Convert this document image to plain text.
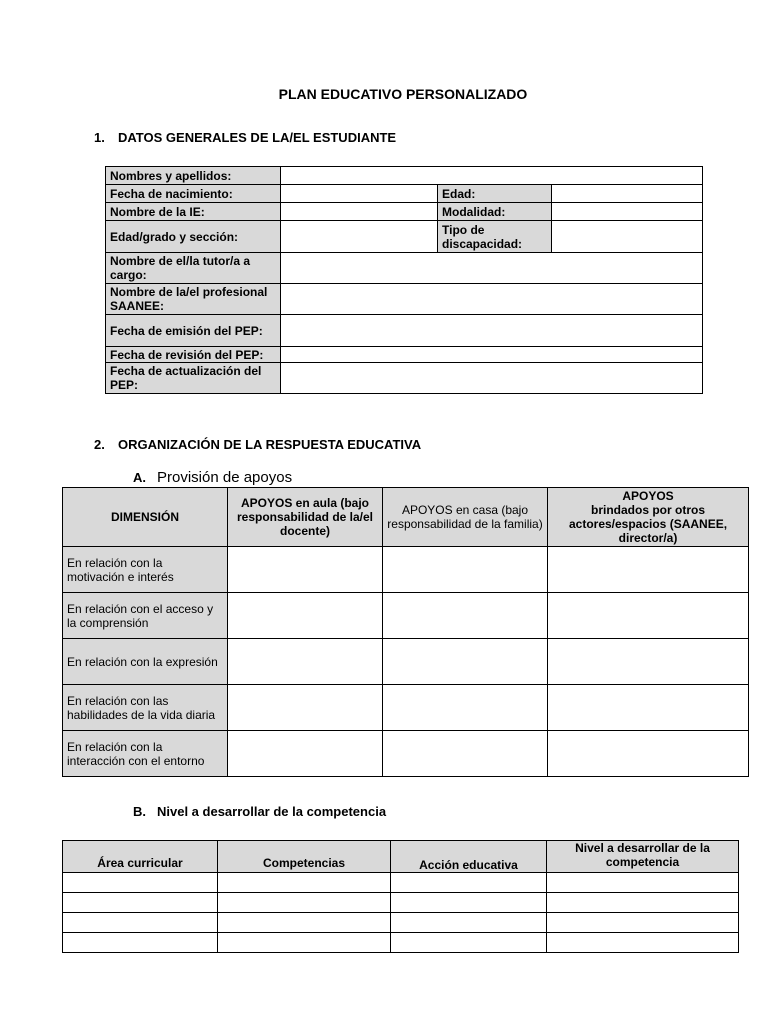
PLAN EDUCATIVO PERSONALIZADO
1. DATOS GENERALES DE LA/EL ESTUDIANTE
Nombres y apellidos:			
Fecha de nacimiento:		Edad:	
Nombre de la IE:		Modalidad:	
Edad/grado y sección:		Tipo de discapacidad:	
Nombre de el/la tutor/a a cargo:			
Nombre de la/el profesional SAANEE:			
Fecha de emisión del PEP:			
Fecha de revisión del PEP:			
Fecha de actualización del PEP:			
2. ORGANIZACIÓN DE LA RESPUESTA EDUCATIVA
A. Provisión de apoyos
DIMENSIÓN	APOYOS en aula (bajo responsabilidad de la/el docente)	APOYOS en casa (bajo responsabilidad de la familia)	APOYOS
brindados por otros actores/espacios (SAANEE, director/a)

En relación con la motivación e interés			
En relación con el acceso y la comprensión			
En relación con la expresión			
En relación con las habilidades de la vida diaria			
En relación con la interacción con el entorno			
B. Nivel a desarrollar de la competencia
Área curricular	Competencias	Acción educativa	Nivel a desarrollar de la competencia
